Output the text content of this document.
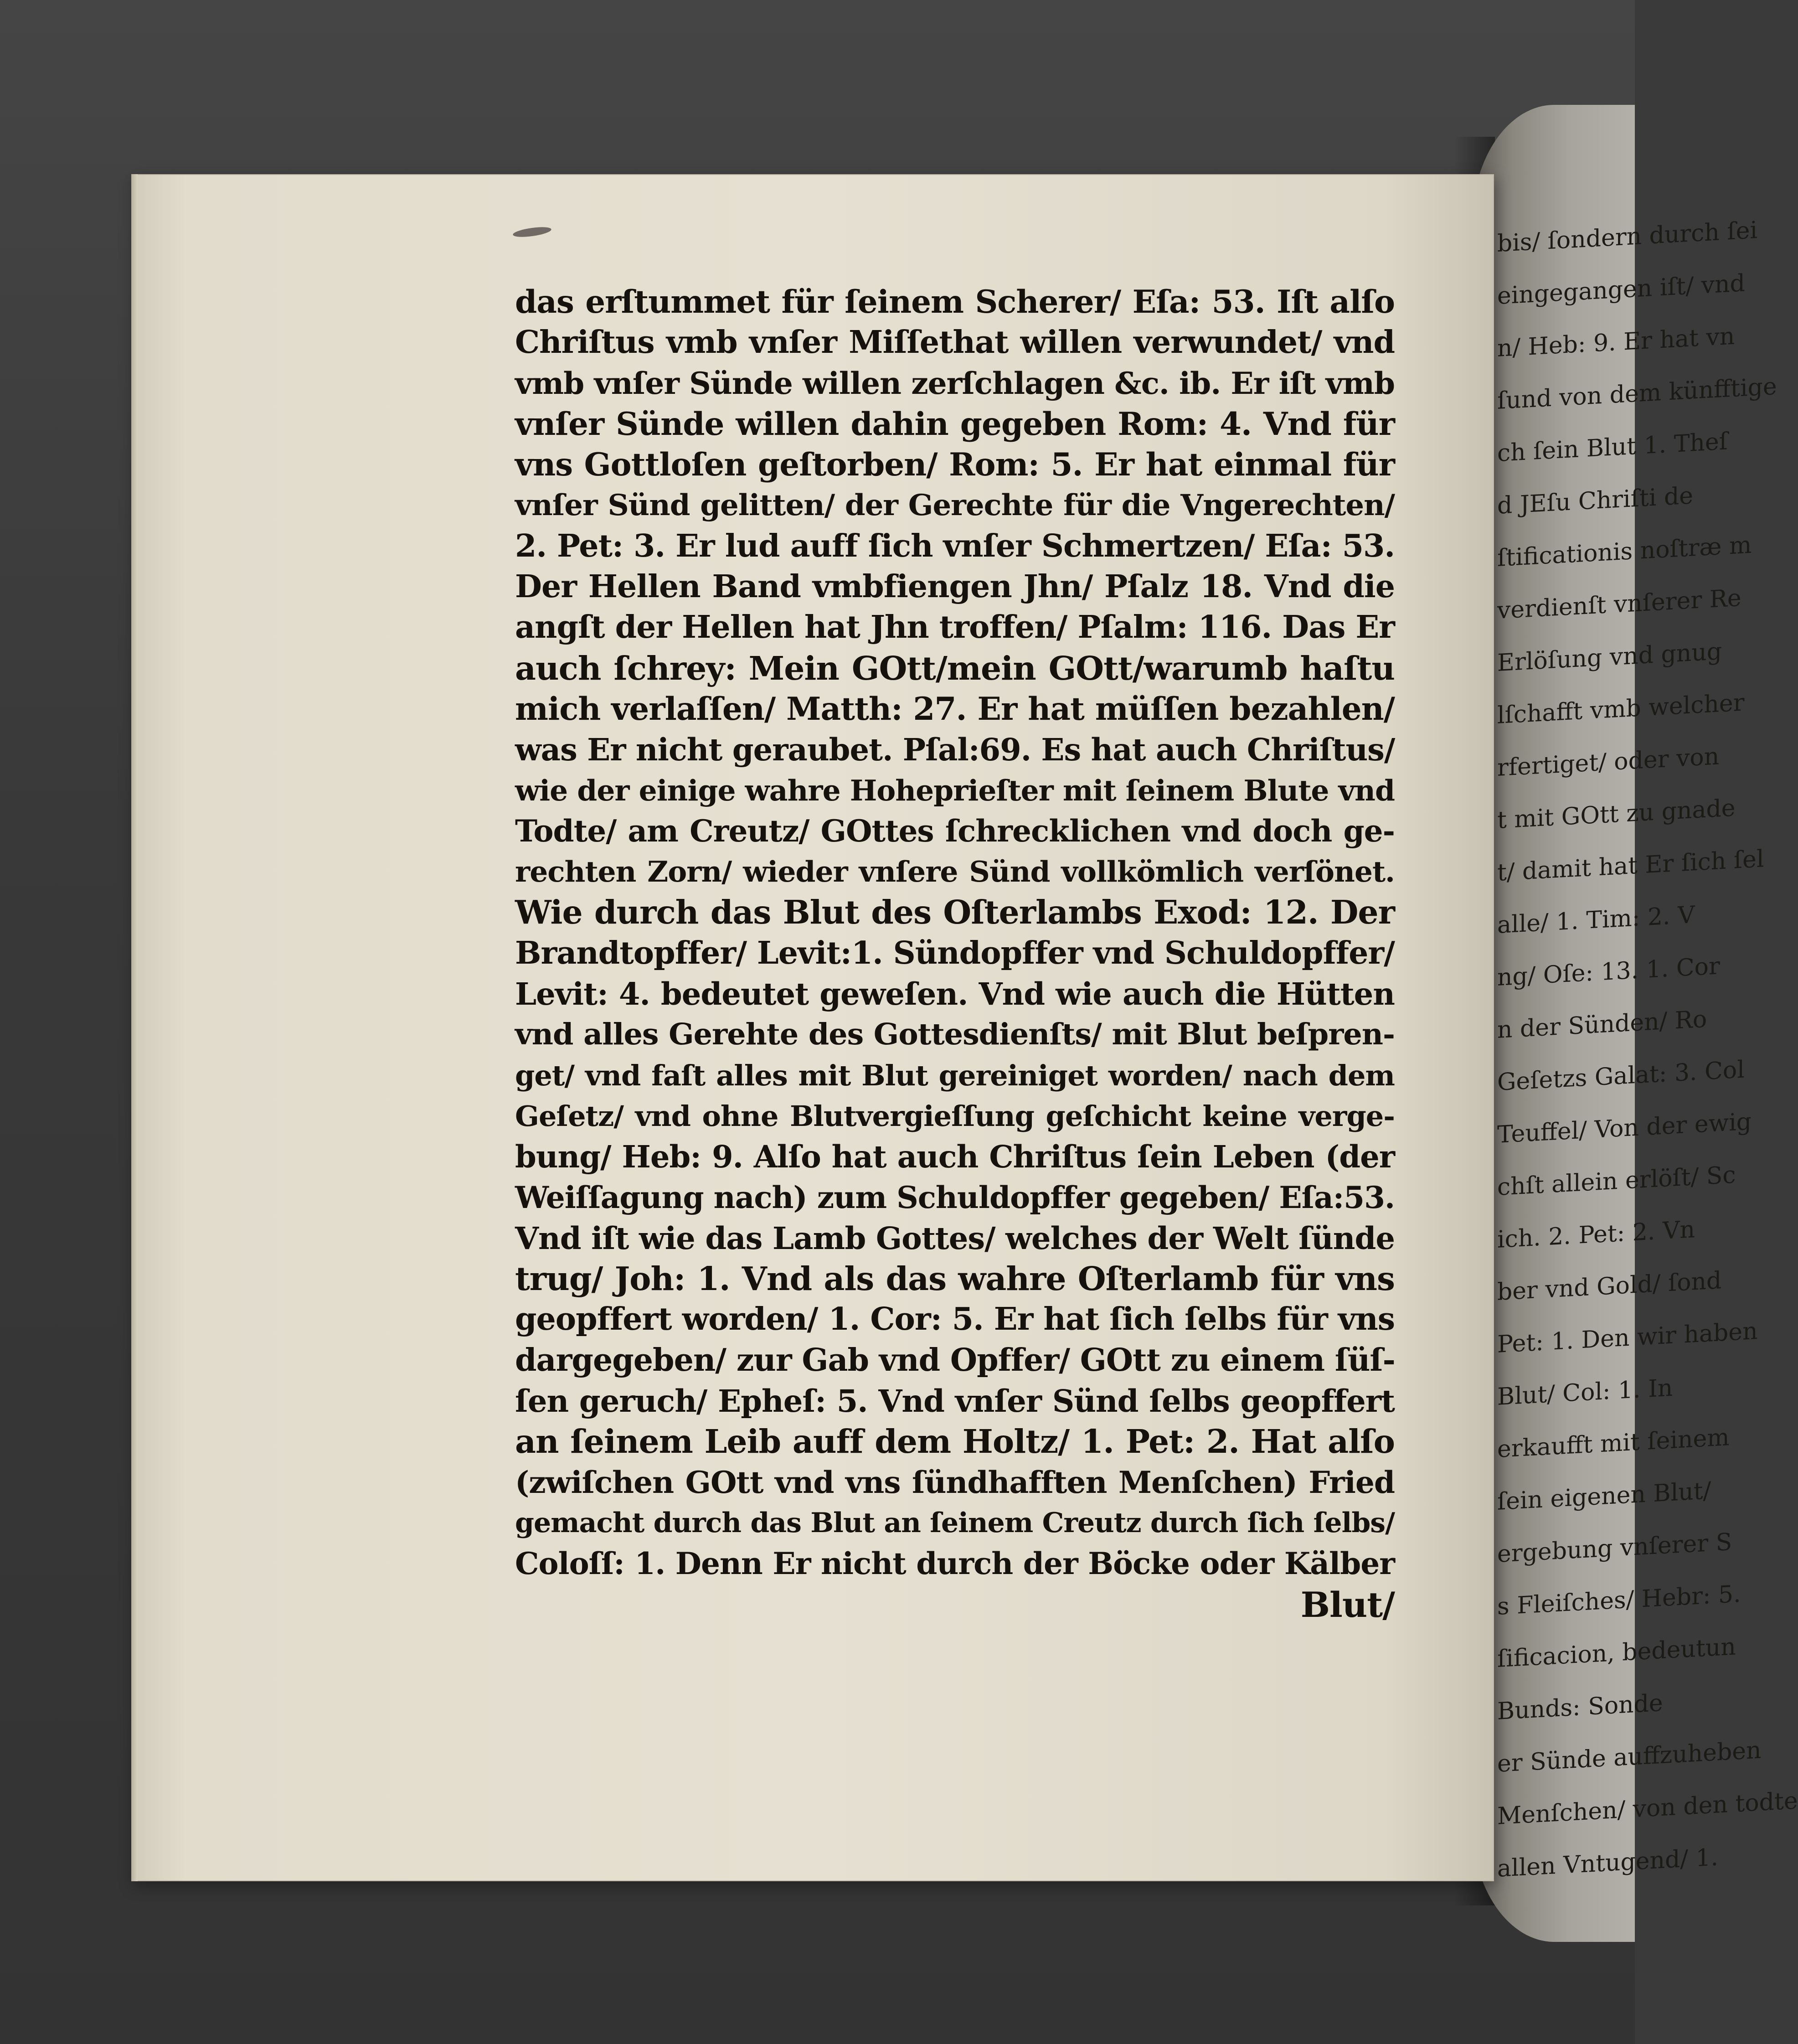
bis/ ſondern durch ſei
eingegangen iſt/ vnd
n/ Heb: 9. Er hat vn
ſund von dem künfftige
ch ſein Blut 1. Theſ
d JEſu Chriſti de
ſtificationis noſtræ m
verdienſt vnſerer Re
Erlöſung vnd gnug
lſchafft vmb welcher
rfertiget/ oder von
t mit GOtt zu gnade
t/ damit hat Er ſich ſel
alle/ 1. Tim: 2. V
ng/ Oſe: 13. 1. Cor
n der Sünden/ Ro
Geſetzs Galat: 3. Col
Teuffel/ Von der ewig
chſt allein erlöſt/ Sc
ich. 2. Pet: 2. Vn
ber vnd Gold/ ſond
Pet: 1. Den wir haben
Blut/ Col: 1. In
erkaufft mit ſeinem
ſein eigenen Blut/
ergebung vnſerer S
s Fleiſches/ Hebr: 5.
ſificacion, bedeutun
Bunds: Sonde
er Sünde auffzuheben
Menſchen/ von den todte
allen Vntugend/ 1.
das erſtummet für ſeinem Scherer/ Eſa: 53. Iſt alſo
Chriſtus vmb vnſer Miſſethat willen verwundet/ vnd
vmb vnſer Sünde willen zerſchlagen &c. ib. Er iſt vmb
vnſer Sünde willen dahin gegeben Rom: 4. Vnd für
vns Gottloſen geſtorben/ Rom: 5. Er hat einmal für
vnſer Sünd gelitten/ der Gerechte für die Vngerechten/
2. Pet: 3. Er lud auff ſich vnſer Schmertzen/ Eſa: 53.
Der Hellen Band vmbfiengen Jhn/ Pſalz 18. Vnd die
angſt der Hellen hat Jhn troffen/ Pſalm: 116. Das Er
auch ſchrey: Mein GOtt/mein GOtt/warumb haſtu
mich verlaſſen/ Matth: 27. Er hat müſſen bezahlen/
was Er nicht geraubet. Pſal:69. Es hat auch Chriſtus/
wie der einige wahre Hoheprieſter mit ſeinem Blute vnd
Todte/ am Creutz/ GOttes ſchrecklichen vnd doch ge-
rechten Zorn/ wieder vnſere Sünd vollkömlich verſönet.
Wie durch das Blut des Oſterlambs Exod: 12. Der
Brandtopffer/ Levit:1. Sündopffer vnd Schuldopffer/
Levit: 4. bedeutet geweſen. Vnd wie auch die Hütten
vnd alles Gerehte des Gottesdienſts/ mit Blut beſpren-
get/ vnd faſt alles mit Blut gereiniget worden/ nach dem
Geſetz/ vnd ohne Blutvergieſſung geſchicht keine verge-
bung/ Heb: 9. Alſo hat auch Chriſtus ſein Leben (der
Weiſſagung nach) zum Schuldopffer gegeben/ Eſa:53.
Vnd iſt wie das Lamb Gottes/ welches der Welt ſünde
trug/ Joh: 1. Vnd als das wahre Oſterlamb für vns
geopffert worden/ 1. Cor: 5. Er hat ſich ſelbs für vns
dargegeben/ zur Gab vnd Opffer/ GOtt zu einem ſüſ-
ſen geruch/ Epheſ: 5. Vnd vnſer Sünd ſelbs geopffert
an ſeinem Leib auff dem Holtz/ 1. Pet: 2. Hat alſo
(zwiſchen GOtt vnd vns ſündhafften Menſchen) Fried
gemacht durch das Blut an ſeinem Creutz durch ſich ſelbs/
Coloſſ: 1. Denn Er nicht durch der Böcke oder Kälber
Blut/
